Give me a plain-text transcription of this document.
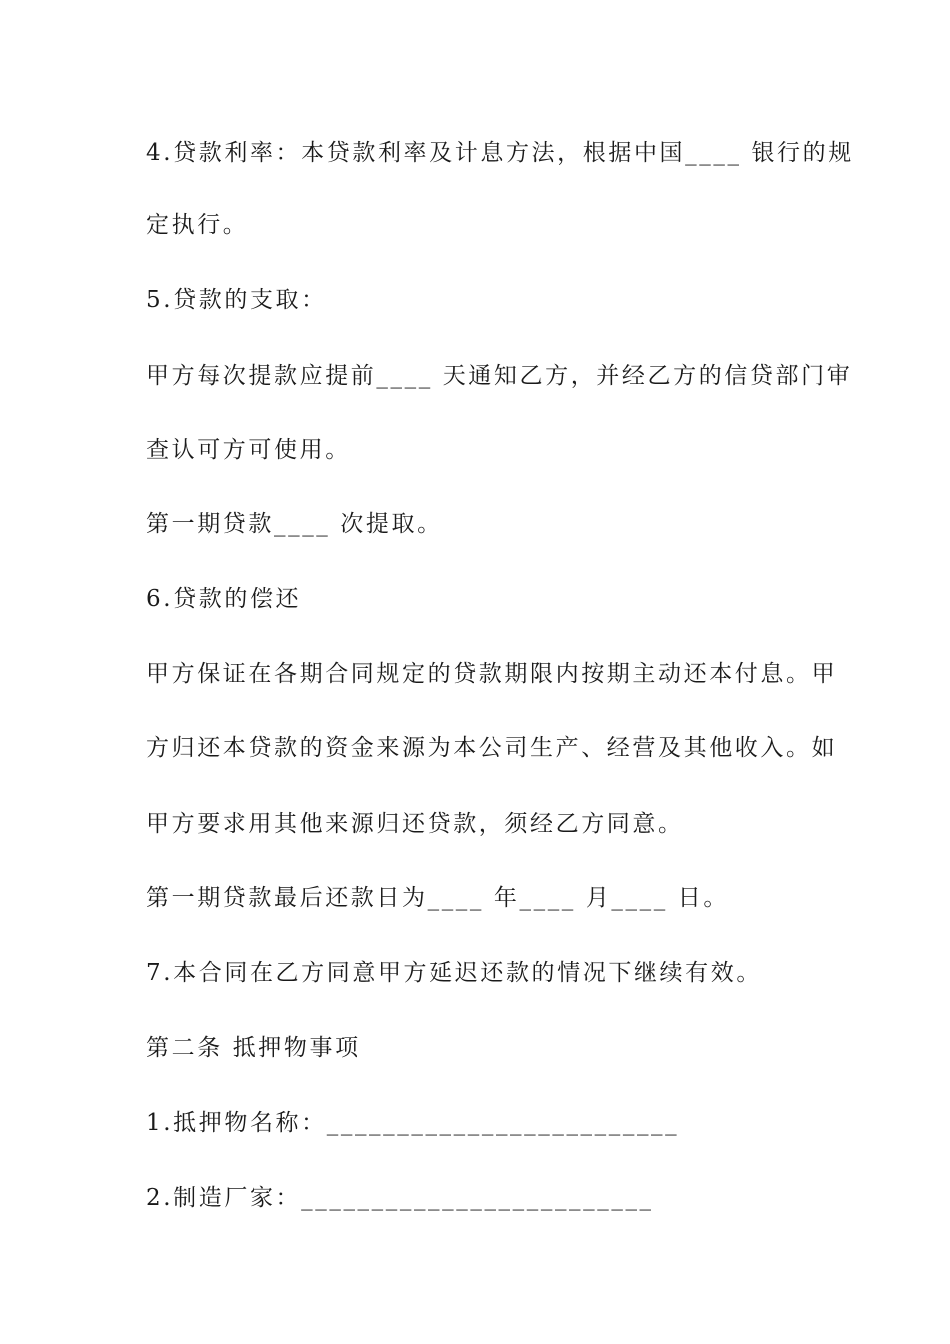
4.贷款利率：本贷款利率及计息方法，根据中国____ 银行的规
定执行。
5.贷款的支取：
甲方每次提款应提前____ 天通知乙方，并经乙方的信贷部门审
查认可方可使用。
第一期贷款____ 次提取。
6.贷款的偿还
甲方保证在各期合同规定的贷款期限内按期主动还本付息。甲
方归还本贷款的资金来源为本公司生产、经营及其他收入。如
甲方要求用其他来源归还贷款，须经乙方同意。
第一期贷款最后还款日为____ 年____ 月____ 日。
7.本合同在乙方同意甲方延迟还款的情况下继续有效。
第二条 抵押物事项
1.抵押物名称：_________________________
2.制造厂家：_________________________
